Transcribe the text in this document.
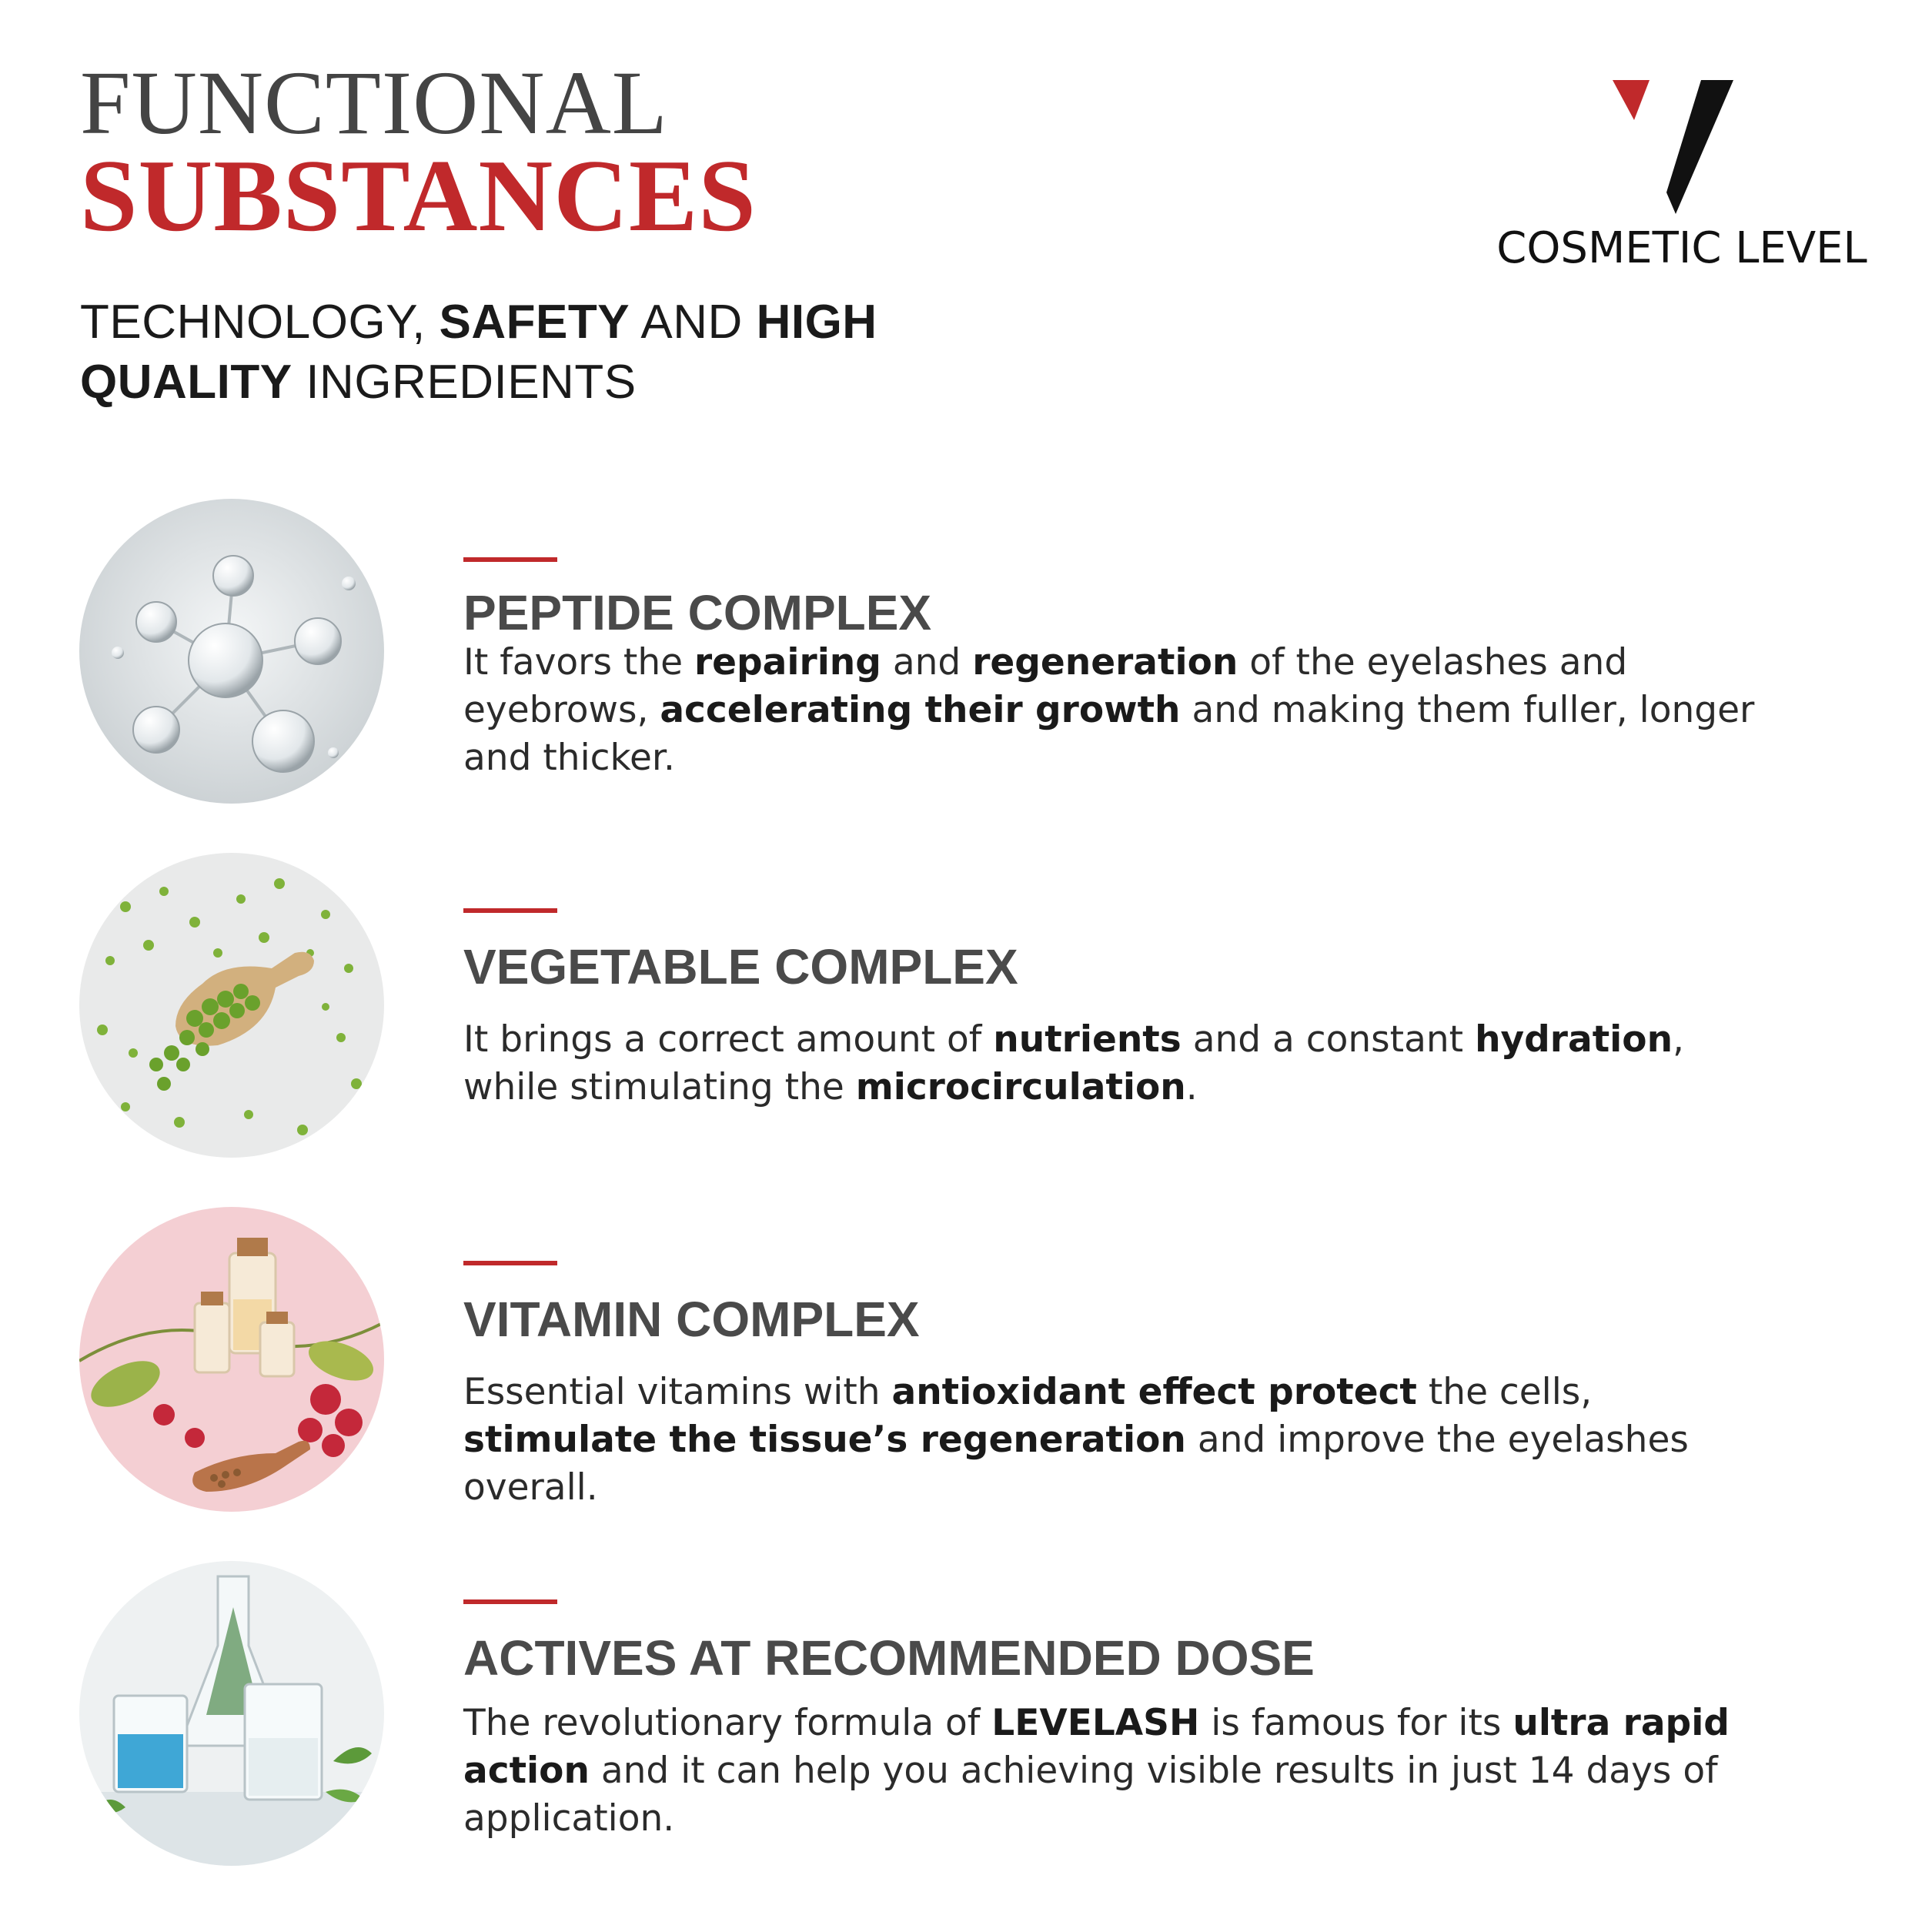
FUNCTIONAL
SUBSTANCES
TECHNOLOGY, SAFETY AND HIGH QUALITY INGREDIENTS
COSMETIC LEVEL
PEPTIDE COMPLEX
It favors the repairing and regeneration of the eyelashes and eyebrows, accelerating their growth and making them fuller, longer and thicker.
VEGETABLE COMPLEX
It brings a correct amount of nutrients and a constant hydration, while stimulating the microcirculation.
VITAMIN COMPLEX
Essential vitamins with antioxidant effect protect the cells, stimulate the tissue’s regeneration and improve the eyelashes overall.
ACTIVES AT RECOMMENDED DOSE
The revolutionary formula of LEVELASH is famous for its ultra rapid action and it can help you achieving visible results in just 14 days of application.
